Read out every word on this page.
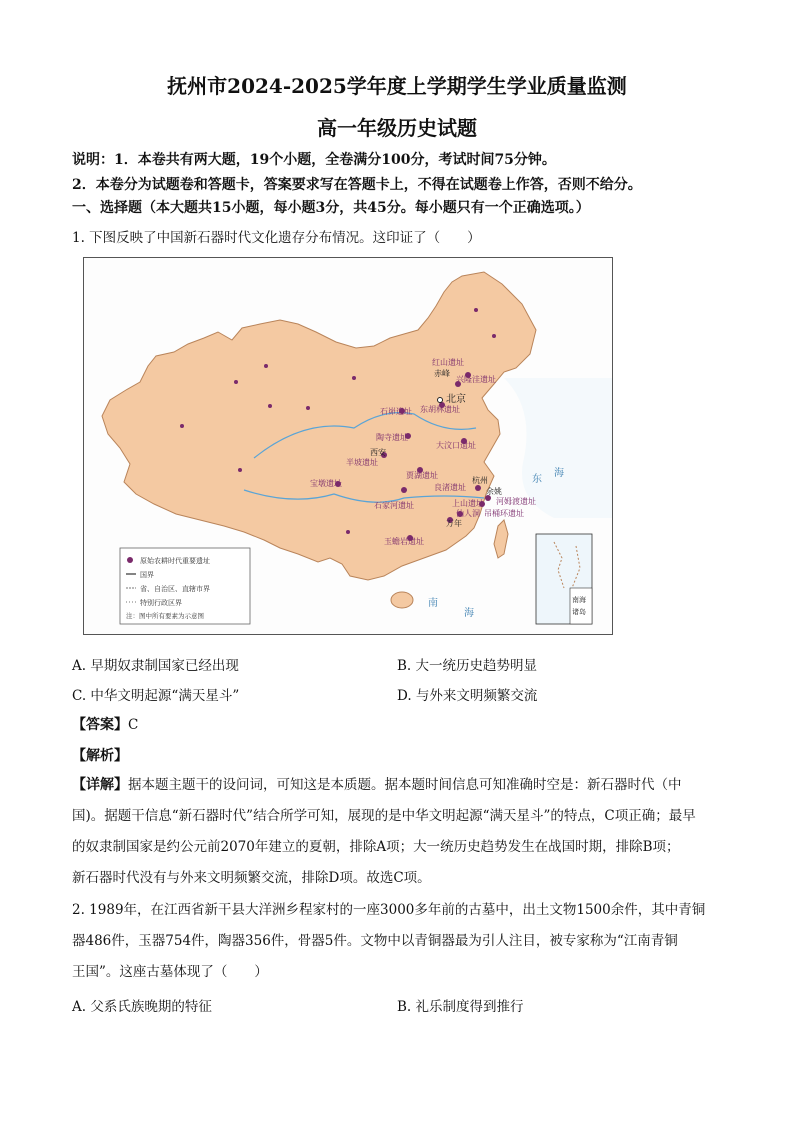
抚州市2024-2025学年度上学期学生学业质量监测
高一年级历史试题
说明：1．本卷共有两大题，19个小题，全卷满分100分，考试时间75分钟。
2．本卷分为试题卷和答题卡，答案要求写在答题卡上，不得在试题卷上作答，否则不给分。
一、选择题（本大题共15小题，每小题3分，共45分。每小题只有一个正确选项。）
1. 下图反映了中国新石器时代文化遗存分布情况。这印证了（　　）
红山遗址
兴隆洼遗址
东胡林遗址
石峁遗址
陶寺遗址
半坡遗址
大汶口遗址
贾湖遗址
宝墩遗址
石家河遗址
良渚遗址
上山遗址 河姆渡遗址
仙人洞 吊桶环遗址
玉蟾岩遗址
北京
赤峰
西安
杭州
余姚
万年
东
海
南
海
原始农耕时代重要遗址
国界
省、自治区、直辖市界
特别行政区界
注：图中所有要素为示意图
南海
诸岛
A. 早期奴隶制国家已经出现	B. 大一统历史趋势明显
C. 中华文明起源“满天星斗”	D. 与外来文明频繁交流
【答案】C
【解析】
【详解】据本题主题干的设问词，可知这是本质题。据本题时间信息可知准确时空是：新石器时代（中
国)。据题干信息“新石器时代”结合所学可知，展现的是中华文明起源“满天星斗”的特点，C项正确；最早
的奴隶制国家是约公元前2070年建立的夏朝，排除A项；大一统历史趋势发生在战国时期，排除B项；
新石器时代没有与外来文明频繁交流，排除D项。故选C项。
2. 1989年，在江西省新干县大洋洲乡程家村的一座3000多年前的古墓中，出土文物1500余件，其中青铜
器486件，玉器754件，陶器356件，骨器5件。文物中以青铜器最为引人注目，被专家称为“江南青铜
王国”。这座古墓体现了（　　）
A. 父系氏族晚期的特征	B. 礼乐制度得到推行
